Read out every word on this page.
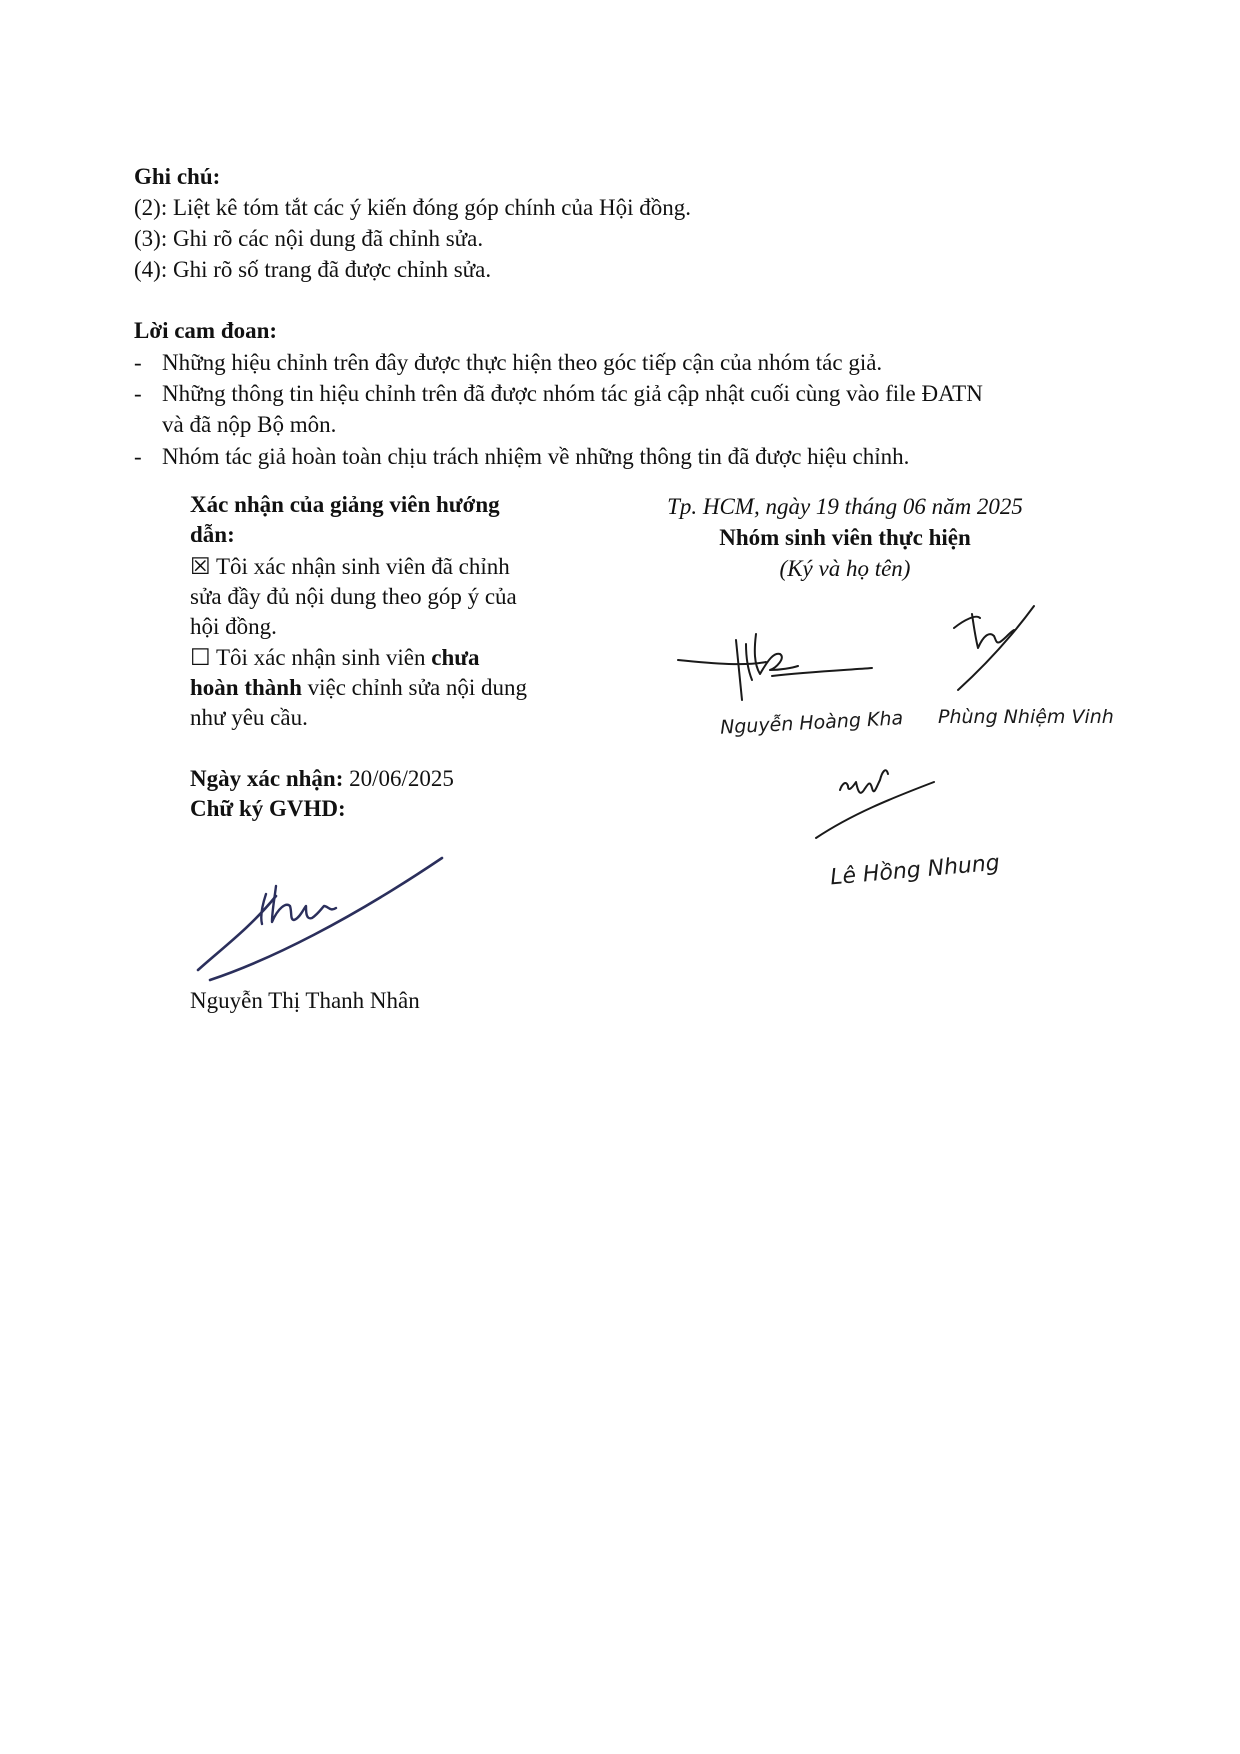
Ghi chú:
(2): Liệt kê tóm tắt các ý kiến đóng góp chính của Hội đồng.
(3): Ghi rõ các nội dung đã chỉnh sửa.
(4): Ghi rõ số trang đã được chỉnh sửa.
Lời cam đoan:
- Những hiệu chỉnh trên đây được thực hiện theo góc tiếp cận của nhóm tác giả.
- Những thông tin hiệu chỉnh trên đã được nhóm tác giả cập nhật cuối cùng vào file ĐATN
và đã nộp Bộ môn.
- Nhóm tác giả hoàn toàn chịu trách nhiệm về những thông tin đã được hiệu chỉnh.
Xác nhận của giảng viên hướng
dẫn:
☒ Tôi xác nhận sinh viên đã chỉnh
sửa đầy đủ nội dung theo góp ý của
hội đồng.
☐ Tôi xác nhận sinh viên chưa
hoàn thành việc chỉnh sửa nội dung
như yêu cầu.
Ngày xác nhận: 20/06/2025
Chữ ký GVHD:
Nguyễn Thị Thanh Nhân
Tp. HCM, ngày 19 tháng 06 năm 2025
Nhóm sinh viên thực hiện
(Ký và họ tên)
Nguyễn Hoàng Kha Phùng Nhiệm Vinh
Lê Hồng Nhung
